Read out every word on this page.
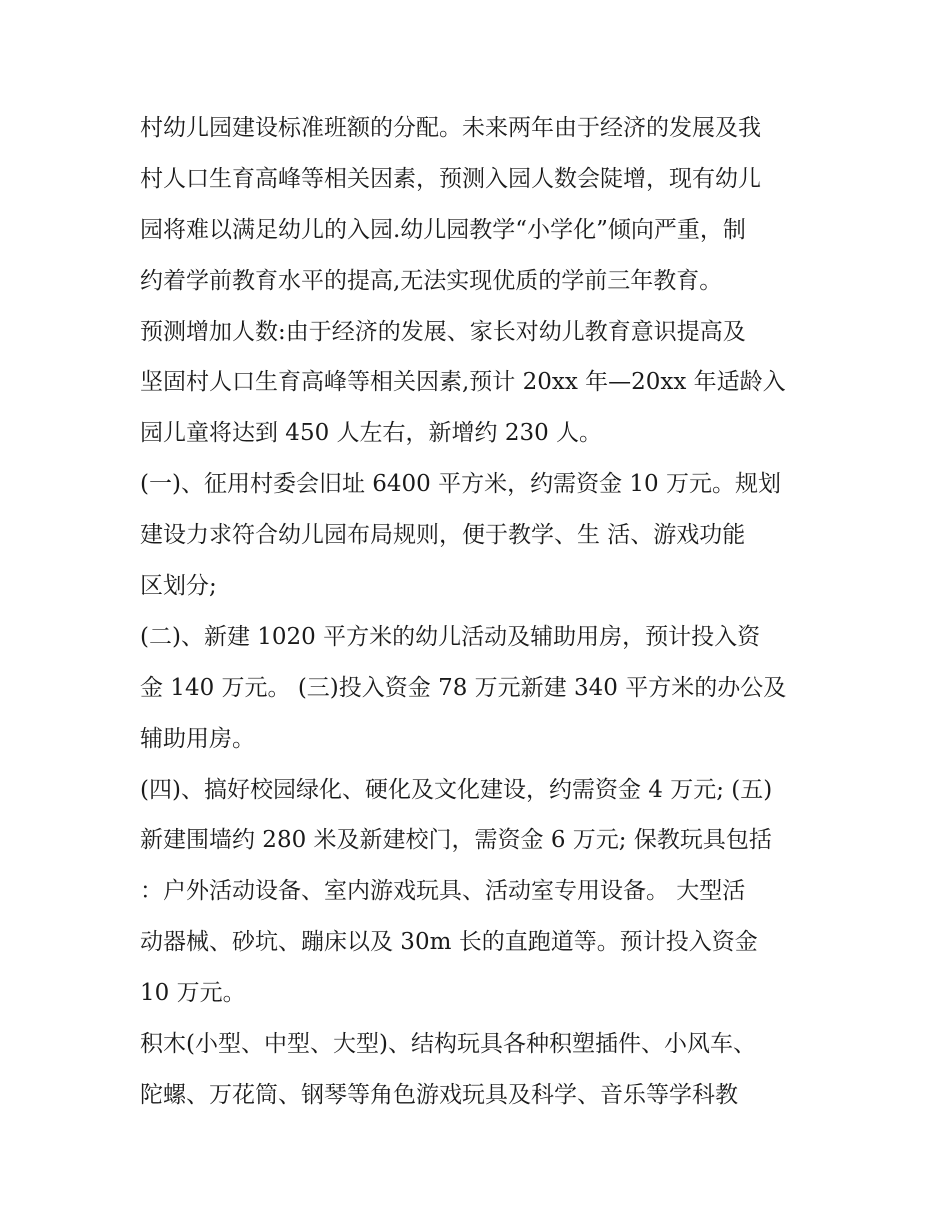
村幼儿园建设标准班额的分配。未来两年由于经济的发展及我
村人口生育高峰等相关因素，预测入园人数会陡增，现有幼儿
园将难以满足幼儿的入园.幼儿园教学“小学化”倾向严重，制
约着学前教育水平的提高,无法实现优质的学前三年教育。
预测增加人数:由于经济的发展、家长对幼儿教育意识提高及
坚固村人口生育高峰等相关因素,预计 20xx 年—20xx 年适龄入
园儿童将达到 450 人左右，新增约 230 人。
(一)、征用村委会旧址 6400 平方米，约需资金 10 万元。规划
建设力求符合幼儿园布局规则，便于教学、生 活、游戏功能
区划分;
(二)、新建 1020 平方米的幼儿活动及辅助用房，预计投入资
金 140 万元。 (三)投入资金 78 万元新建 340 平方米的办公及
辅助用房。
(四)、搞好校园绿化、硬化及文化建设，约需资金 4 万元; (五)
新建围墙约 280 米及新建校门，需资金 6 万元; 保教玩具包括
：户外活动设备、室内游戏玩具、活动室专用设备。 大型活
动器械、砂坑、蹦床以及 30m 长的直跑道等。预计投入资金
10 万元。
积木(小型、中型、大型)、结构玩具各种积塑插件、小风车、
陀螺、万花筒、钢琴等角色游戏玩具及科学、音乐等学科教
